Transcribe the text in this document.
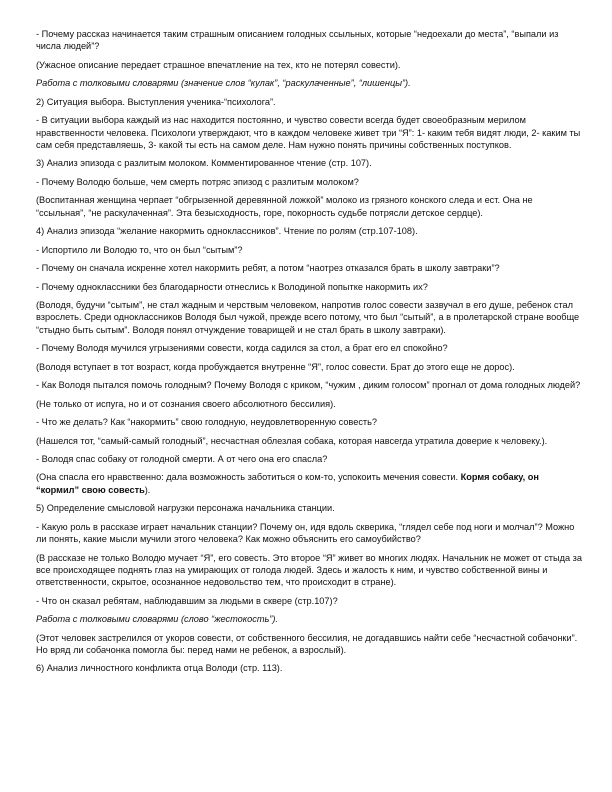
- Почему рассказ начинается таким страшным описанием голодных ссыльных, которые “недоехали до места”, “выпали из числа людей”?

(Ужасное описание передает страшное впечатление на тех, кто не потерял совести).

Работа с толковыми словарями (значение слов “кулак”, “раскулаченные”, “лишенцы”).

2) Ситуация выбора. Выступления ученика-“психолога”.

- В ситуации выбора каждый из нас находится постоянно, и чувство совести всегда будет своеобразным мерилом нравственности человека. Психологи утверждают, что в каждом человеке живет три “Я”: 1- каким тебя видят люди, 2- каким ты сам себя представляешь, 3- какой ты есть на самом деле. Нам нужно понять причины собственных поступков.

3) Анализ эпизода с разлитым молоком. Комментированное чтение (стр. 107).

- Почему Володю больше, чем смерть потряс эпизод с разлитым молоком?

(Воспитанная женщина черпает “обгрызенной деревянной ложкой” молоко из грязного конского следа и ест. Она не “ссыльная”, “не раскулаченная”. Эта безысходность, горе, покорность судьбе потрясли детское сердце).

4) Анализ эпизода “желание накормить одноклассников”. Чтение по ролям (стр.107-108).

- Испортило ли Володю то, что он был “сытым”?

- Почему он сначала искренне хотел накормить ребят, а потом “наотрез отказался брать в школу завтраки”?

- Почему одноклассники без благодарности отнеслись к Володиной попытке накормить их?

(Володя, будучи “сытым”, не стал жадным и черствым человеком, напротив голос совести зазвучал в его душе, ребенок стал взрослеть. Среди одноклассников Володя был чужой, прежде всего потому, что был “сытый”, а в пролетарской стране вообще “стыдно быть сытым”. Володя понял отчуждение товарищей и не стал брать в школу завтраки).

- Почему Володя мучился угрызениями совести, когда садился за стол, а брат его ел спокойно?

(Володя вступает в тот возраст, когда пробуждается внутренне “Я”, голос совести. Брат до этого еще не дорос).

- Как Володя пытался помочь голодным? Почему Володя с криком, “чужим , диким голосом” прогнал от дома голодных людей?

(Не только от испуга, но и от сознания своего абсолютного бессилия).

- Что же делать? Как “накормить” свою голодную, неудовлетворенную совесть?

(Нашелся тот, “самый-самый голодный”, несчастная облезлая собака, которая навсегда утратила доверие к человеку.).

- Володя спас собаку от голодной смерти. А от чего она его спасла?

(Она спасла его нравственно: дала возможность заботиться о ком-то, успокоить мечения совести. Кормя собаку, он “кормил” свою совесть).

5) Определение смысловой нагрузки персонажа начальника станции.

- Какую роль в рассказе играет начальник станции? Почему он, идя вдоль скверика, “глядел себе под ноги и молчал”? Можно ли понять, какие мысли мучили этого человека? Как можно объяснить его самоубийство?

(В рассказе не только Володю мучает “Я”, его совесть. Это второе “Я” живет во многих людях. Начальник не может от стыда за все происходящее поднять глаз на умирающих от голода людей. Здесь и жалость к ним, и чувство собственной вины и ответственности, скрытое, осознанное недовольство тем, что происходит в стране).

- Что он сказал ребятам, наблюдавшим за людьми в сквере (стр.107)?

Работа с толковыми словарями (слово “жестокость”).

(Этот человек застрелился от укоров совести, от собственного бессилия, не догадавшись найти себе “несчастной собачонки”. Но вряд ли собачонка помогла бы: перед нами не ребенок, а взрослый).

6) Анализ личностного конфликта отца Володи (стр. 113).
